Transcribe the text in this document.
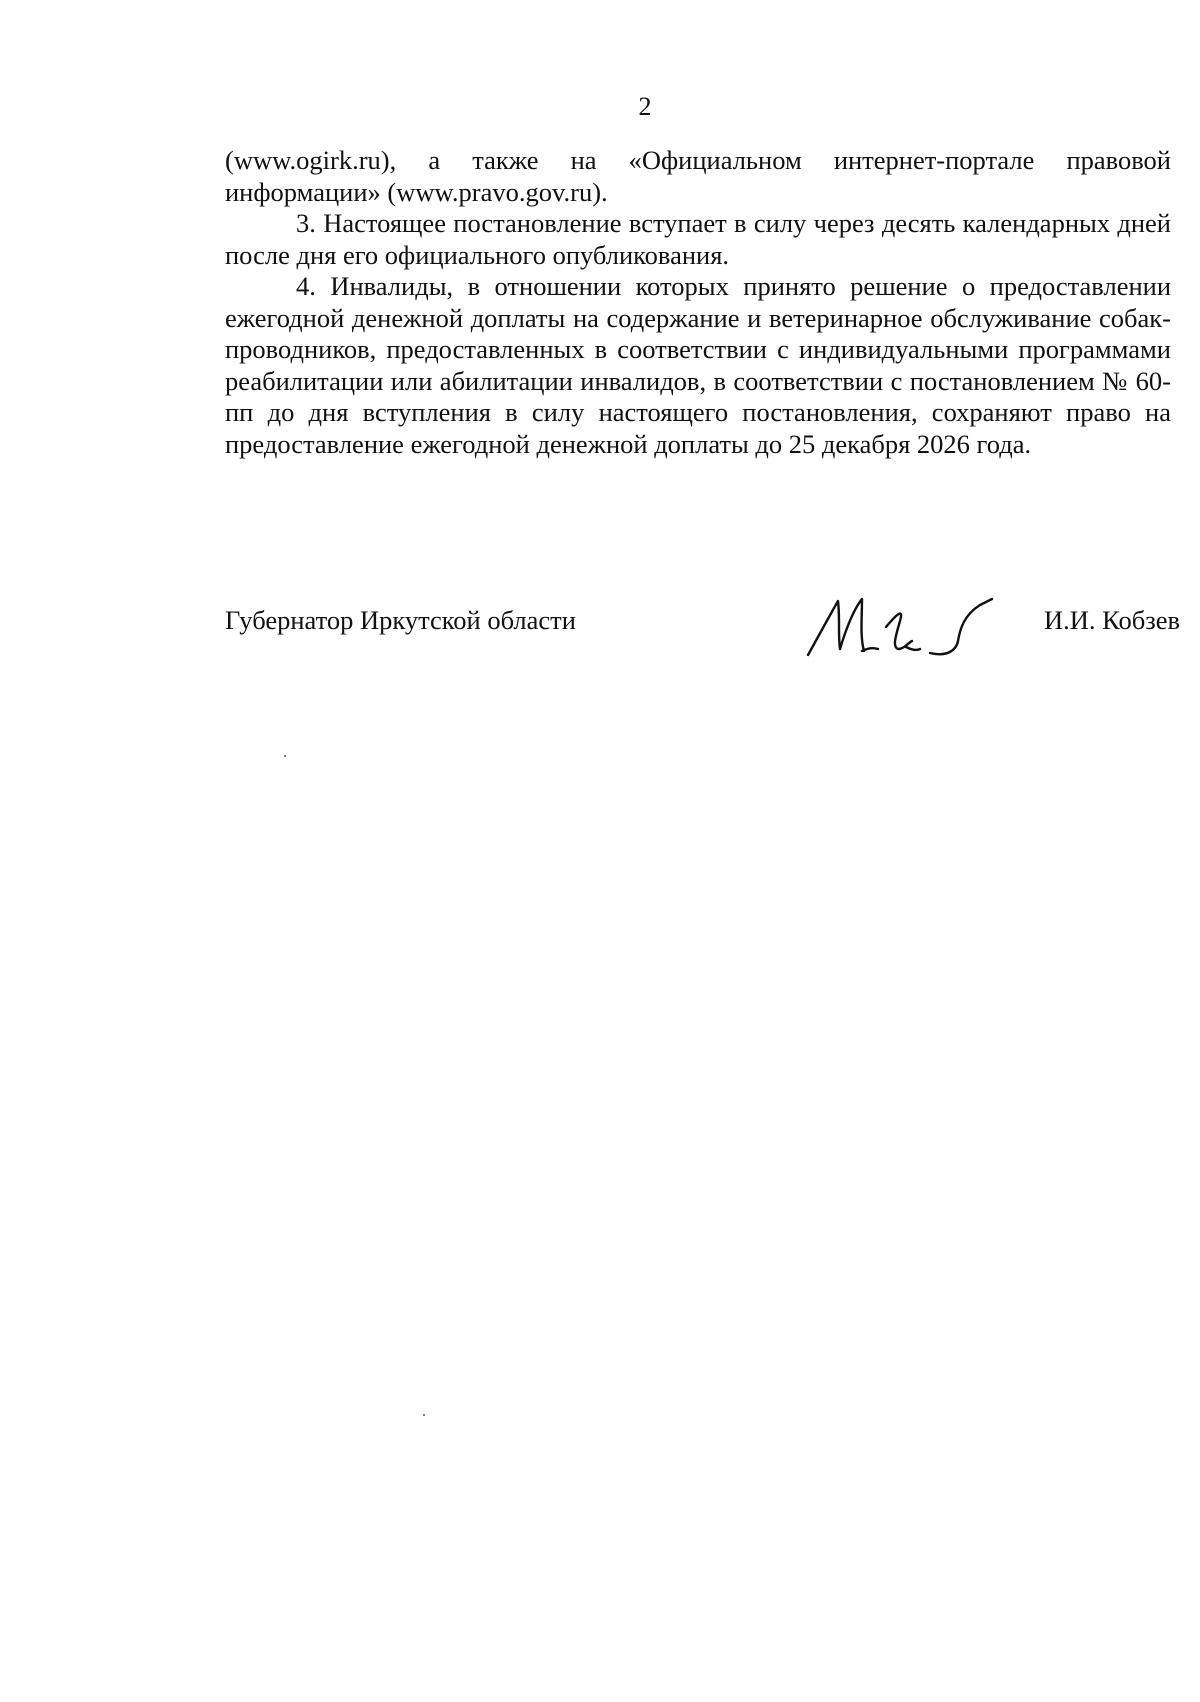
2

(www.ogirk.ru), а также на «Официальном интернет-портале правовой информации» (www.pravo.gov.ru).

3. Настоящее постановление вступает в силу через десять календарных дней после дня его официального опубликования.

4. Инвалиды, в отношении которых принято решение о предоставлении ежегодной денежной доплаты на содержание и ветеринарное обслуживание собак-проводников, предоставленных в соответствии с индивидуальными программами реабилитации или абилитации инвалидов, в соответствии с постановлением № 60-пп до дня вступления в силу настоящего постановления, сохраняют право на предоставление ежегодной денежной доплаты до 25 декабря 2026 года.

Губернатор Иркутской области	И.И. Кобзев
